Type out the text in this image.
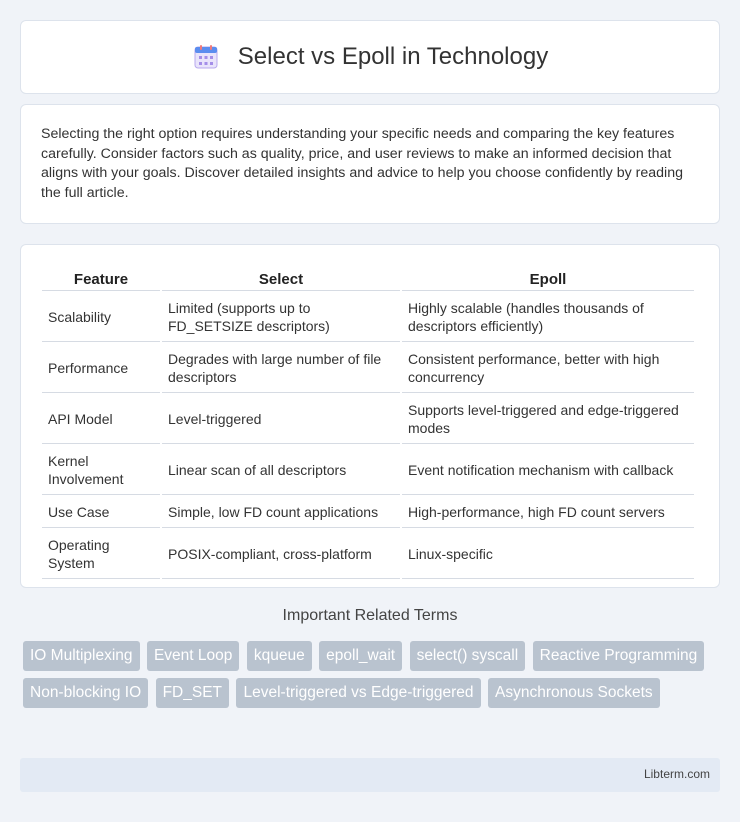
Select vs Epoll in Technology

Selecting the right option requires understanding your specific needs and comparing the key features carefully. Consider factors such as quality, price, and user reviews to make an informed decision that aligns with your goals. Discover detailed insights and advice to help you choose confidently by reading the full article.

Feature	Select	Epoll
Scalability	Limited (supports up to FD_SETSIZE descriptors)	Highly scalable (handles thousands of descriptors efficiently)
Performance	Degrades with large number of file descriptors	Consistent performance, better with high concurrency
API Model	Level-triggered	Supports level-triggered and edge-triggered modes
Kernel Involvement	Linear scan of all descriptors	Event notification mechanism with callback
Use Case	Simple, low FD count applications	High-performance, high FD count servers
Operating System	POSIX-compliant, cross-platform	Linux-specific
Important Related Terms
IO Multiplexing Event Loop kqueue epoll_wait select() syscall Reactive Programming Non-blocking IO FD_SET Level-triggered vs Edge-triggered Asynchronous Sockets
Libterm.com
